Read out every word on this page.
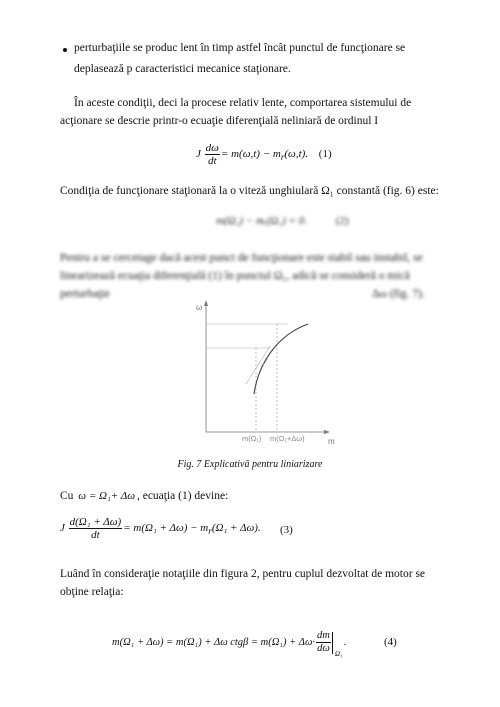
perturbaţiile se produc lent în timp astfel încât punctul de funcţionare se
deplasează p caracteristici mecanice staţionare.
În aceste condiţii, deci la procese relativ lente, comportarea sistemului de
acţionare se descrie printr-o ecuaţie diferenţială neliniară de ordinul I
J $\frac{d\omega}{dt} = m(\omega,t) - m_r(\omega,t)$. (1)
Condiţia de funcţionare staţionară la o viteză unghiulară Ω₁ constantă (fig. 6) este:
m(Ω₁) − mᵣ(Ω₁) = 0.	(2)
Pentru a se cercetage dacă acest punct de funcţionare este stabil sau instabil, se
linearizează ecuaţia diferenţială (1) în punctul Ω₁, adică se consideră o mică
perturbaţie	Δω (fig. 7).
ω
m
m(Ω₁) m(Ω₁+Δω)
Fig. 7 Explicativă pentru liniarizare
Cu ω = Ω₁+ Δω , ecuaţia (1) devine:
J $\frac{\text{d(Ω₁ + Δω)}}{dt} = m(\Omega_1 + \Delta\omega) - m_r(\Omega_1 + \Delta\omega)$. (3)
Luând în consideraţie notaţiile din figura 2, pentru cuplul dezvoltat de motor se
obţine relaţia:
m(Ω₁ + Δω) = m(Ω₁) + Δω $ctg\beta = m(\Omega_1) + \Delta\omega\cdot \frac{dm}{d\omega} \Omega_1$
.	(4)
